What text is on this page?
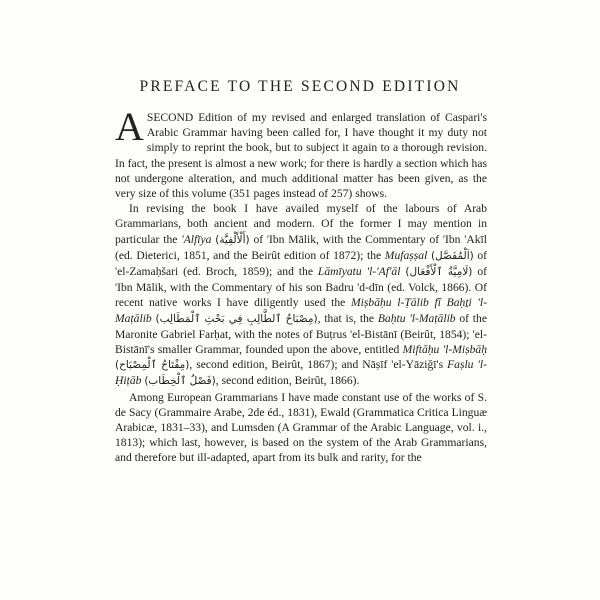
PREFACE TO THE SECOND EDITION

ASECOND Edition of my revised and enlarged translation of Caspari's Arabic Grammar having been called for, I have thought it my duty not simply to reprint the book, but to subject it again to a thorough revision. In fact, the present is almost a new work; for there is hardly a section which has not undergone alteration, and much additional matter has been given, as the very size of this volume (351 pages instead of 257) shows.

In revising the book I have availed myself of the labours of Arab Grammarians, both ancient and modern. Of the former I may mention in particular the 'Alfīya (أَلْأَلْفِيَّة) of 'Ibn Mālik, with the Commentary of 'Ibn 'Akīl (ed. Dieterici, 1851, and the Beirût edition of 1872); the Mufaṣṣal (اَلْمُفَصَّل) of 'el-Zamaḥšari (ed. Broch, 1859); and the Lāmīyatu 'l-'Af'āl (لَامِيَّةُ ٱلْأَفْعَال) of 'Ibn Mālik, with the Commentary of his son Badru 'd-dīn (ed. Volck, 1866). Of recent native works I have diligently used the Miṣbāḥu l-Ṭālib fî Baḥṯi 'l-Maṭālib (مِصْبَاحُ ٱلطَّالِبِ فِي بَحْثِ ٱلْمَطَالِب), that is, the Baḥtu 'l-Maṭālib of the Maronite Gabriel Farḥat, with the notes of Buṭrus 'el-Bistānī (Beirût, 1854); 'el-Bistānī's smaller Grammar, founded upon the above, entitled Miftāḥu 'l-Miṣbāḥ (مِفْتَاحُ ٱلْمِصْبَاح), second edition, Beirût, 1867); and Nāṣīf 'el-Yāziğī's Faṣlu 'l-Ḥiṭāb (فَصْلُ ٱلْخِطَاب), second edition, Beirût, 1866).

Among European Grammarians I have made constant use of the works of S. de Sacy (Grammaire Arabe, 2de éd., 1831), Ewald (Grammatica Critica Linguæ Arabicæ, 1831–33), and Lumsden (A Grammar of the Arabic Language, vol. i., 1813); which last, however, is based on the system of the Arab Grammarians, and therefore but ill-adapted, apart from its bulk and rarity, for the
